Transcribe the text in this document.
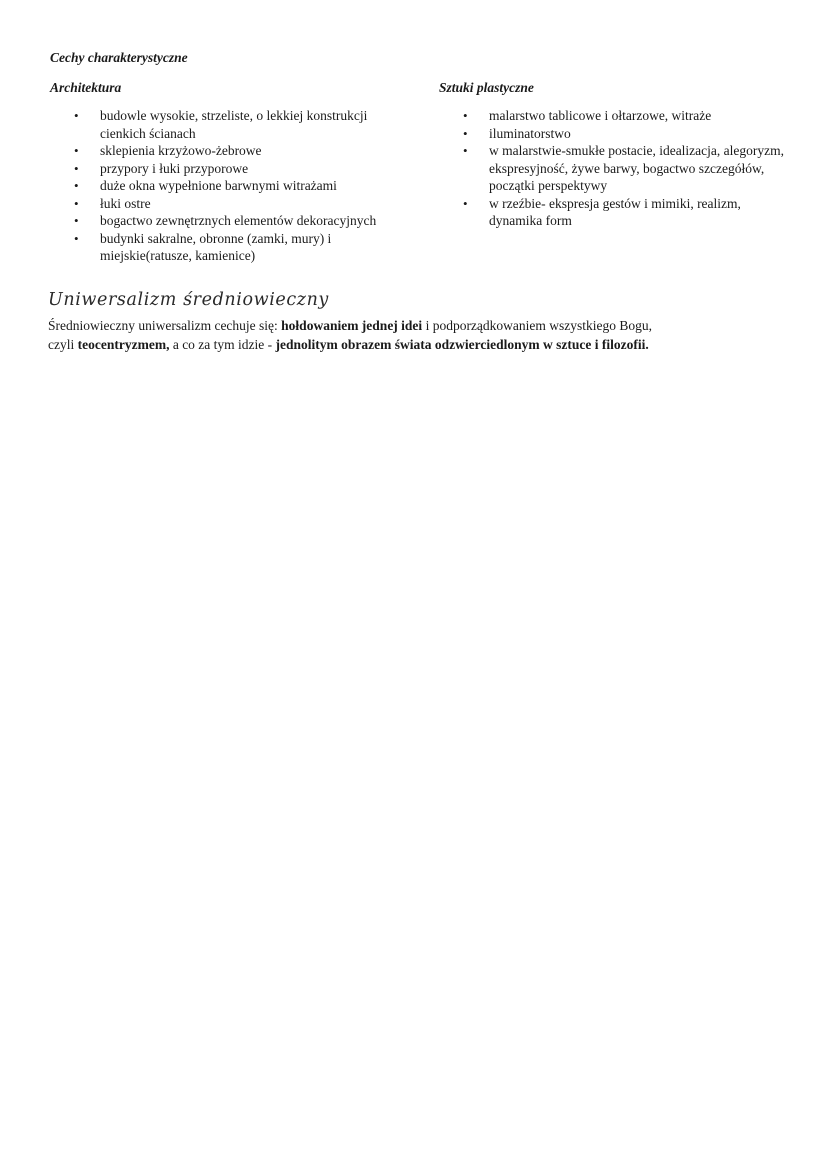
Cechy charakterystyczne
Architektura
• budowle wysokie, strzeliste, o lekkiej konstrukcji cienkich ścianach
• sklepienia krzyżowo-żebrowe
• przypory i łuki przyporowe
• duże okna wypełnione barwnymi witrażami
• łuki ostre
• bogactwo zewnętrznych elementów dekoracyjnych
• budynki sakralne, obronne (zamki, mury) i miejskie(ratusze, kamienice)
Sztuki plastyczne
• malarstwo tablicowe i ołtarzowe, witraże
• iluminatorstwo
• w malarstwie-smukłe postacie, idealizacja, alegoryzm, ekspresyjność, żywe barwy, bogactwo szczegółów, początki perspektywy
• w rzeźbie- ekspresja gestów i mimiki, realizm, dynamika form
Uniwersalizm średniowieczny

Średniowieczny uniwersalizm cechuje się: hołdowaniem jednej idei i podporządkowaniem wszystkiego Bogu,
czyli teocentryzmem, a co za tym idzie - jednolitym obrazem świata odzwierciedlonym w sztuce i filozofii.
